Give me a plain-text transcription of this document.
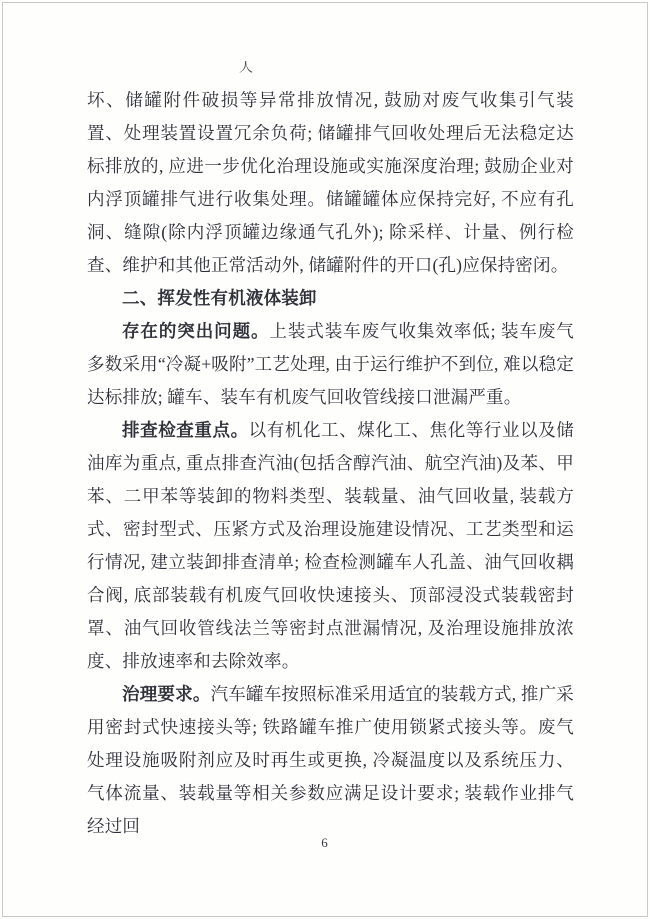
人

坏、储罐附件破损等异常排放情况, 鼓励对废气收集引气装置、处理装置设置冗余负荷; 储罐排气回收处理后无法稳定达标排放的, 应进一步优化治理设施或实施深度治理; 鼓励企业对内浮顶罐排气进行收集处理。储罐罐体应保持完好, 不应有孔洞、缝隙(除内浮顶罐边缘通气孔外); 除采样、计量、例行检查、维护和其他正常活动外, 储罐附件的开口(孔)应保持密闭。

二、挥发性有机液体装卸

存在的突出问题。上装式装车废气收集效率低; 装车废气多数采用“冷凝+吸附”工艺处理, 由于运行维护不到位, 难以稳定达标排放; 罐车、装车有机废气回收管线接口泄漏严重。

排查检查重点。以有机化工、煤化工、焦化等行业以及储油库为重点, 重点排查汽油(包括含醇汽油、航空汽油)及苯、甲苯、二甲苯等装卸的物料类型、装载量、油气回收量, 装载方式、密封型式、压紧方式及治理设施建设情况、工艺类型和运行情况, 建立装卸排查清单; 检查检测罐车人孔盖、油气回收耦合阀, 底部装载有机废气回收快速接头、顶部浸没式装载密封罩、油气回收管线法兰等密封点泄漏情况, 及治理设施排放浓度、排放速率和去除效率。

治理要求。汽车罐车按照标准采用适宜的装载方式, 推广采用密封式快速接头等; 铁路罐车推广使用锁紧式接头等。废气处理设施吸附剂应及时再生或更换, 冷凝温度以及系统压力、气体流量、装载量等相关参数应满足设计要求; 装载作业排气经过回

6
